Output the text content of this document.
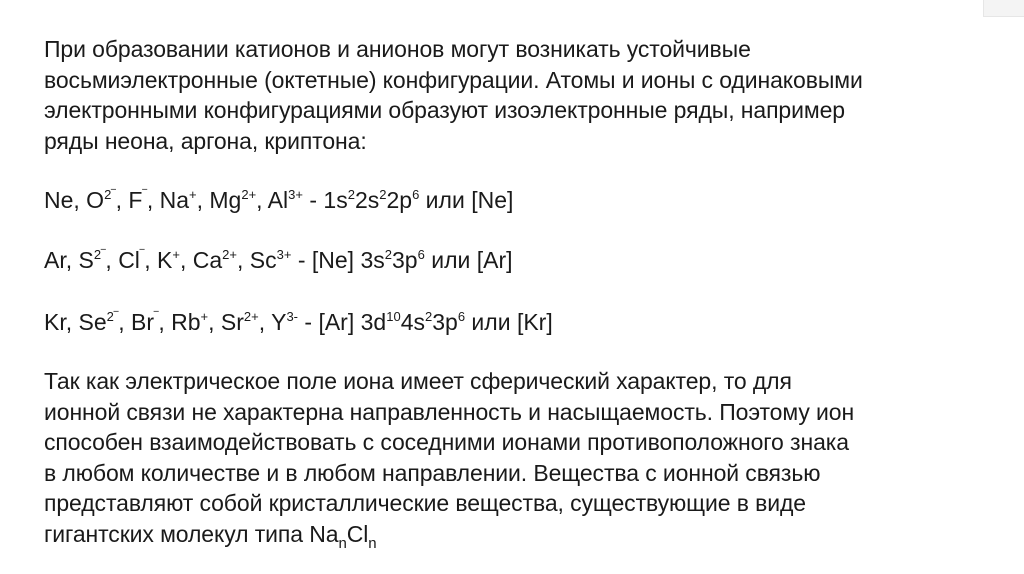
При образовании катионов и анионов могут возникать устойчивые
восьмиэлектронные (октетные) конфигурации. Атомы и ионы с одинаковыми
электронными конфигурациями образуют изоэлектронные ряды, например
ряды неона, аргона, криптона:
Ne, $O^{2‾}$, F‾, Na+, $Mg^{2+}$, $Al^{3+} - 1s^22s^22p^6$ или [Ne]
Ar, $S^{2‾}$, Cl‾, K+, $Ca^{2+}$, $Sc^{3+} - [Ne]$ $3s^23p^6$ или [Ar]
Kr, $Se^{2‾}$, Br‾, Rb+, $Sr^{2+}$, $Y^{3-} - [Ar]$ $3d^{10}4s^23p^6$ или [Kr]
Так как электрическое поле иона имеет сферический характер, то для
ионной связи не характерна направленность и насыщаемость. Поэтому ион
способен взаимодействовать с соседними ионами противоположного знака
в любом количестве и в любом направлении. Вещества с ионной связью
представляют собой кристаллические вещества, существующие в виде
гигантских молекул типа $Na_nCl_n$
